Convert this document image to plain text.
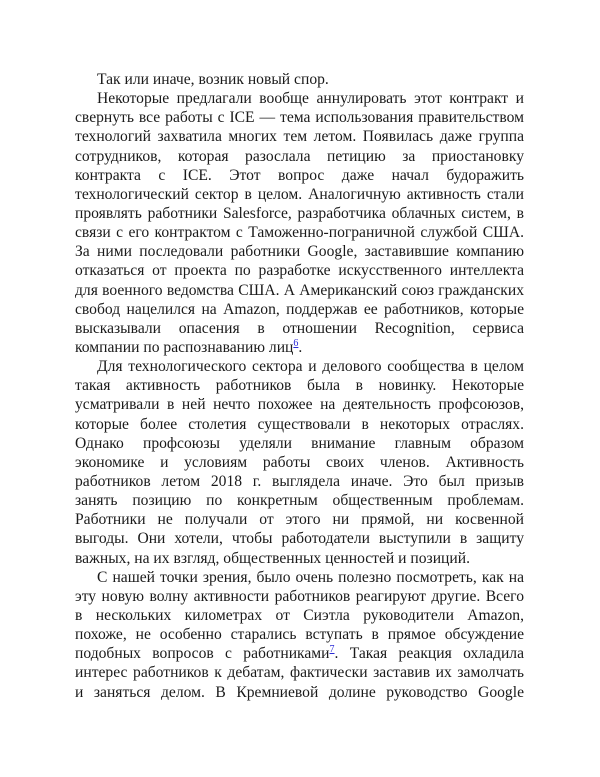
Так или иначе, возник новый спор.
Некоторые предлагали вообще аннулировать этот контракт и
свернуть все работы с ICE — тема использования правительством
технологий захватила многих тем летом. Появилась даже группа
сотрудников, которая разослала петицию за приостановку
контракта с ICE. Этот вопрос даже начал будоражить
технологический сектор в целом. Аналогичную активность стали
проявлять работники Salesforce, разработчика облачных систем, в
связи с его контрактом с Таможенно-пограничной службой США.
За ними последовали работники Google, заставившие компанию
отказаться от проекта по разработке искусственного интеллекта
для военного ведомства США. А Американский союз гражданских
свобод нацелился на Amazon, поддержав ее работников, которые
высказывали опасения в отношении Recognition, сервиса
компании по распознаванию лиц$^6$.
Для технологического сектора и делового сообщества в целом
такая активность работников была в новинку. Некоторые
усматривали в ней нечто похожее на деятельность профсоюзов,
которые более столетия существовали в некоторых отраслях.
Однако профсоюзы уделяли внимание главным образом
экономике и условиям работы своих членов. Активность
работников летом 2018 г. выглядела иначе. Это был призыв
занять позицию по конкретным общественным проблемам.
Работники не получали от этого ни прямой, ни косвенной
выгоды. Они хотели, чтобы работодатели выступили в защиту
важных, на их взгляд, общественных ценностей и позиций.
С нашей точки зрения, было очень полезно посмотреть, как на
эту новую волну активности работников реагируют другие. Всего
в нескольких километрах от Сиэтла руководители Amazon,
похоже, не особенно старались вступать в прямое обсуждение
подобных вопросов с работниками$^7$. Такая реакция охладила
интерес работников к дебатам, фактически заставив их замолчать
и заняться делом. В Кремниевой долине руководство Google
